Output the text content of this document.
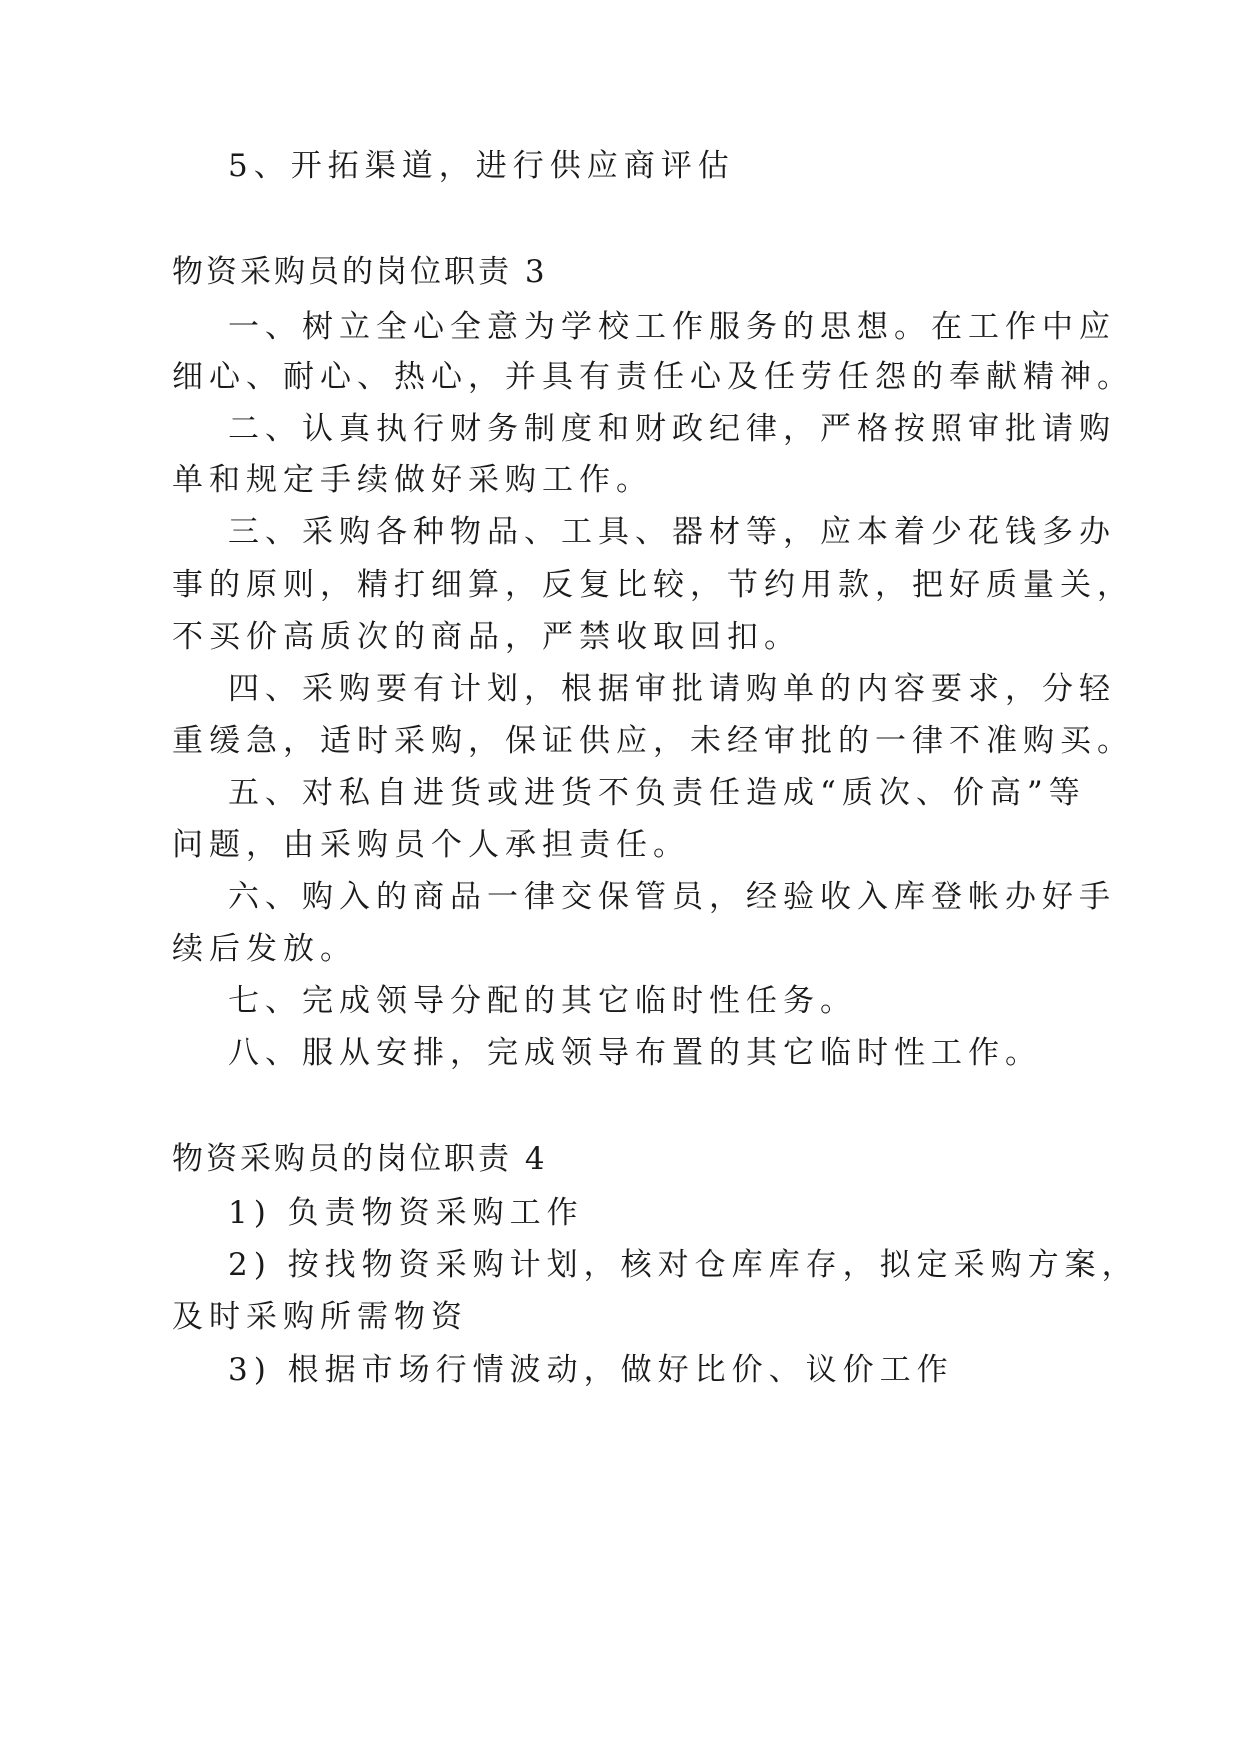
5、开拓渠道，进行供应商评估
物资采购员的岗位职责 3
一、树立全心全意为学校工作服务的思想。在工作中应
细心、耐心、热心，并具有责任心及任劳任怨的奉献精神。
二、认真执行财务制度和财政纪律，严格按照审批请购
单和规定手续做好采购工作。
三、采购各种物品、工具、器材等，应本着少花钱多办
事的原则，精打细算，反复比较，节约用款，把好质量关，
不买价高质次的商品，严禁收取回扣。
四、采购要有计划，根据审批请购单的内容要求，分轻
重缓急，适时采购，保证供应，未经审批的一律不准购买。
五、对私自进货或进货不负责任造成“质次、价高”等
问题，由采购员个人承担责任。
六、购入的商品一律交保管员，经验收入库登帐办好手
续后发放。
七、完成领导分配的其它临时性任务。
八、服从安排，完成领导布置的其它临时性工作。
物资采购员的岗位职责 4
1) 负责物资采购工作
2) 按找物资采购计划，核对仓库库存，拟定采购方案，
及时采购所需物资
3) 根据市场行情波动，做好比价、议价工作
